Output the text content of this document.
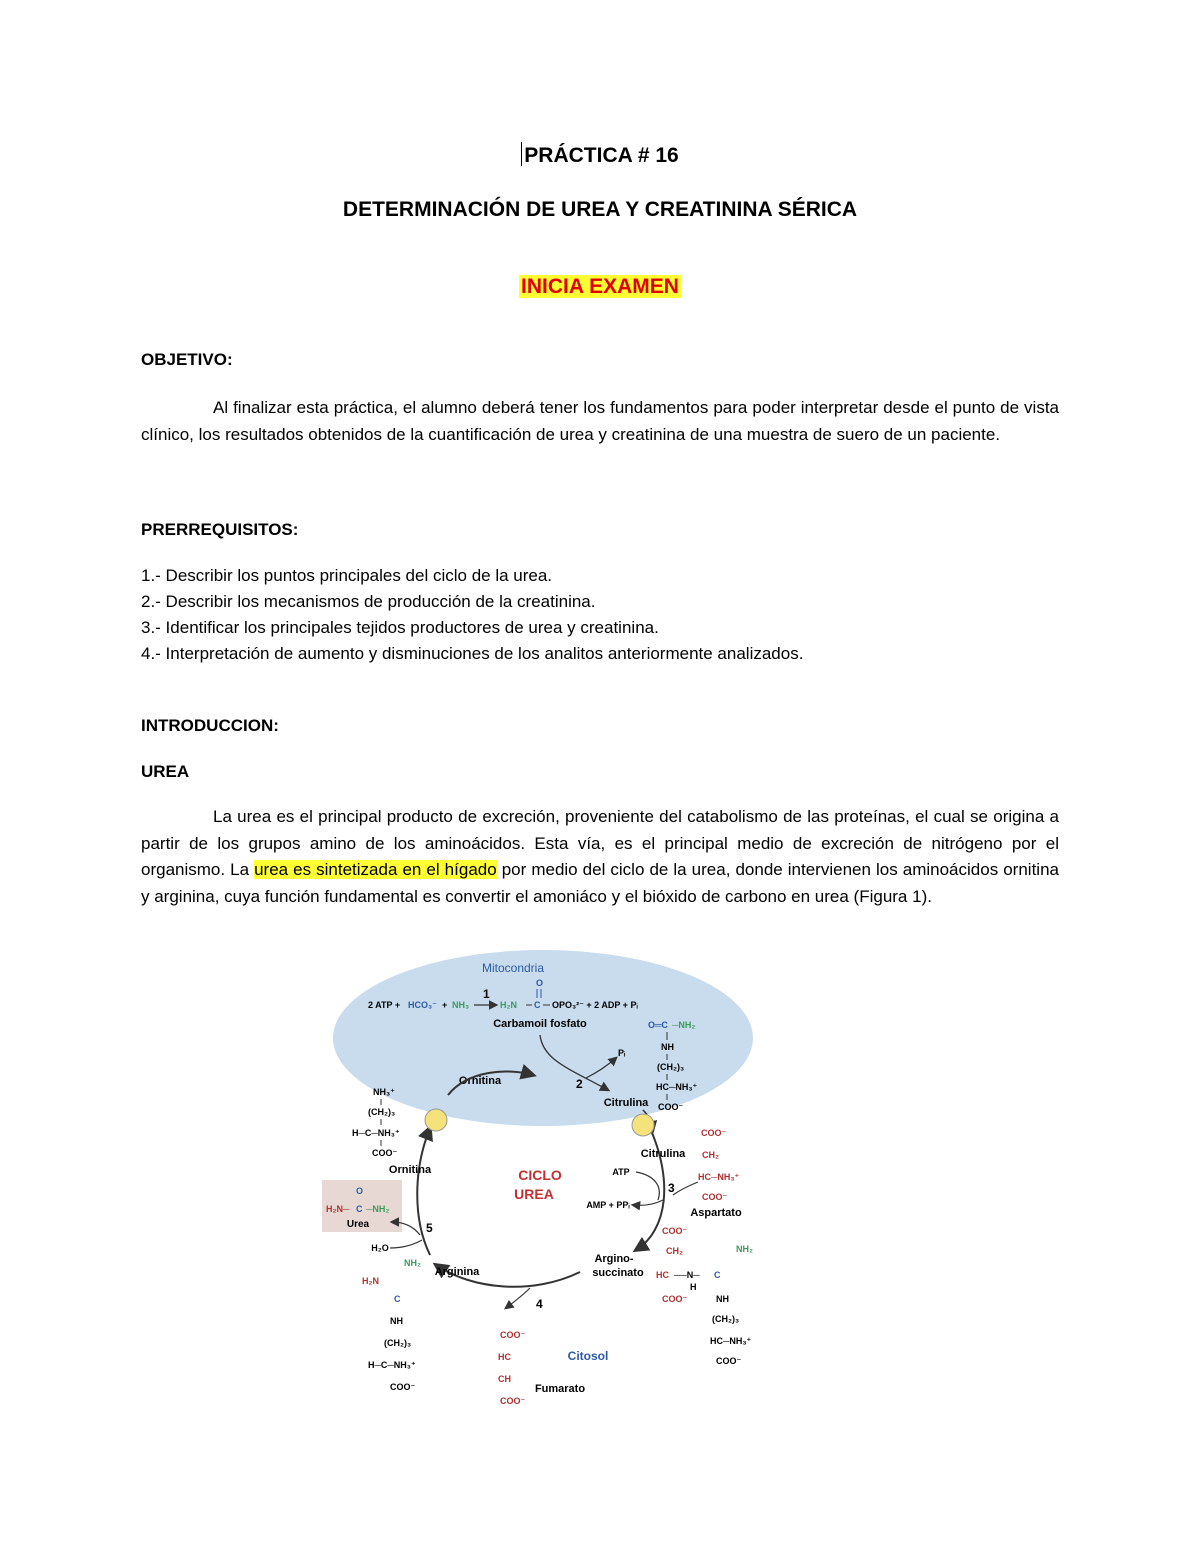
PRÁCTICA # 16
DETERMINACIÓN DE UREA Y CREATININA SÉRICA
INICIA EXAMEN
OBJETIVO:
Al finalizar esta práctica, el alumno deberá tener los fundamentos para poder interpretar desde el punto de vista clínico, los resultados obtenidos de la cuantificación de urea y creatinina de una muestra de suero de un paciente.
PRERREQUISITOS:
1.- Describir los puntos principales del ciclo de la urea.
2.- Describir los mecanismos de producción de la creatinina.
3.- Identificar los principales tejidos productores de urea y creatinina.
4.- Interpretación de aumento y disminuciones de los analitos anteriormente analizados.
INTRODUCCION:
UREA
La urea es el principal producto de excreción, proveniente del catabolismo de las proteínas, el cual se origina a partir de los grupos amino de los aminoácidos. Esta vía, es el principal medio de excreción de nitrógeno por el organismo. La urea es sintetizada en el hígado por medio del ciclo de la urea, donde intervienen los aminoácidos ornitina y arginina, cuya función fundamental es convertir el amoniáco y el bióxido de carbono en urea (Figura 1).
Mitocondria
2 ATP + HCO₃⁻ + NH₃
1
H₂N C
O
OPO₃²⁻ + 2 ADP + Pᵢ
Carbamoil fosfato	O═C ─NH₂
NH
(CH₂)₃
HC─NH₃⁺
COO⁻
Pᵢ
2
Ornitina
Citrulina
NH₃⁺
(CH₂)₃
H─C─NH₃⁺
COO⁻
Ornitina	CICLO
UREA
Citrulina
ATP
3
AMP + PPᵢ
COO⁻
CH₂
HC─NH₃⁺
COO⁻
Aspartato
Argino-
succinato
COO⁻
CH₂
HC ──N─ C
H
NH₂
COO⁻	NH
(CH₂)₃
HC─NH₃⁺
COO⁻
4
COO⁻
HC
CH
COO⁻
Fumarato
Citosol
Arginina
H₂N
NH₂
C
NH
(CH₂)₃
H─C─NH₃⁺
COO⁻
O
H₂N─ C ─NH₂
Urea	5
H₂O
